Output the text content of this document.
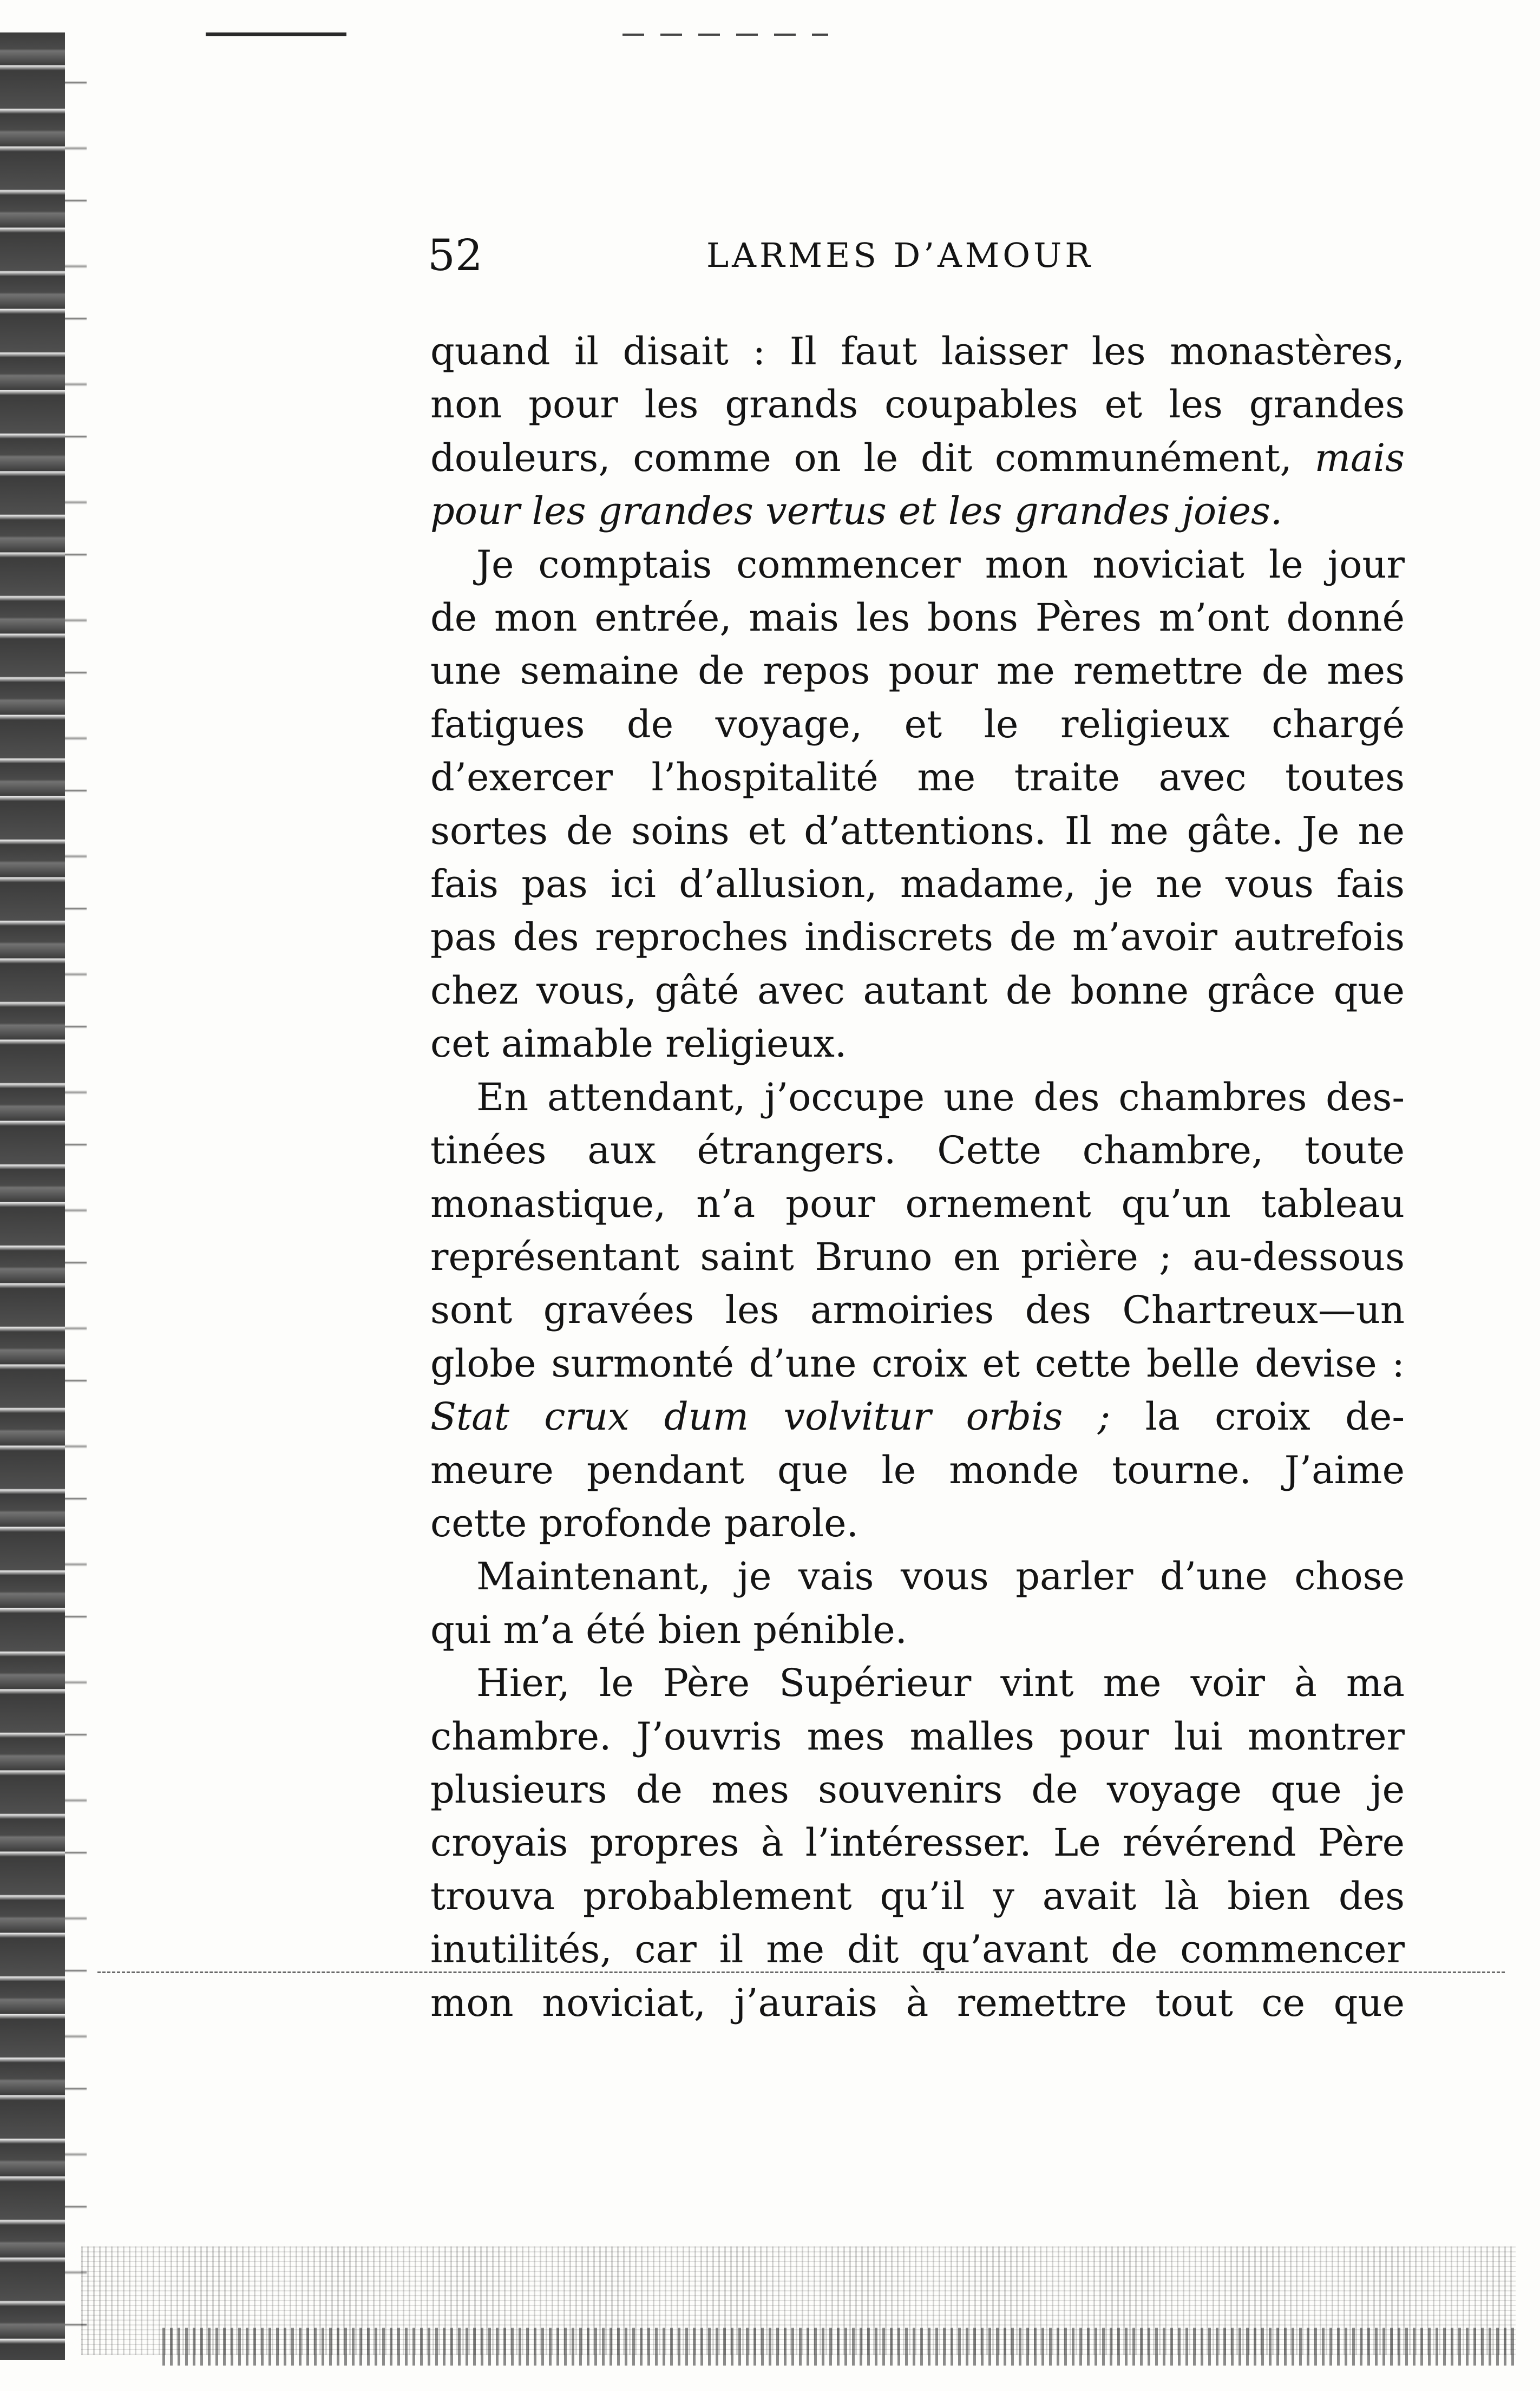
52	LARMES D’AMOUR

quand il disait : Il faut laisser les monastères,
non pour les grands coupables et les grandes
douleurs, comme on le dit communément, mais
pour les grandes vertus et les grandes joies.

Je comptais commencer mon noviciat le jour
de mon entrée, mais les bons Pères m’ont donné
une semaine de repos pour me remettre de mes
fatigues de voyage, et le religieux chargé
d’exercer l’hospitalité me traite avec toutes
sortes de soins et d’attentions. Il me gâte. Je ne
fais pas ici d’allusion, madame, je ne vous fais
pas des reproches indiscrets de m’avoir autrefois
chez vous, gâté avec autant de bonne grâce que
cet aimable religieux.

En attendant, j’occupe une des chambres des-
tinées aux étrangers. Cette chambre, toute
monastique, n’a pour ornement qu’un tableau
représentant saint Bruno en prière ; au-dessous
sont gravées les armoiries des Chartreux—un
globe surmonté d’une croix et cette belle devise :
Stat crux dum volvitur orbis ; la croix de-
meure pendant que le monde tourne. J’aime
cette profonde parole.

Maintenant, je vais vous parler d’une chose
qui m’a été bien pénible.

Hier, le Père Supérieur vint me voir à ma
chambre. J’ouvris mes malles pour lui montrer
plusieurs de mes souvenirs de voyage que je
croyais propres à l’intéresser. Le révérend Père
trouva probablement qu’il y avait là bien des
inutilités, car il me dit qu’avant de commencer
mon noviciat, j’aurais à remettre tout ce que
